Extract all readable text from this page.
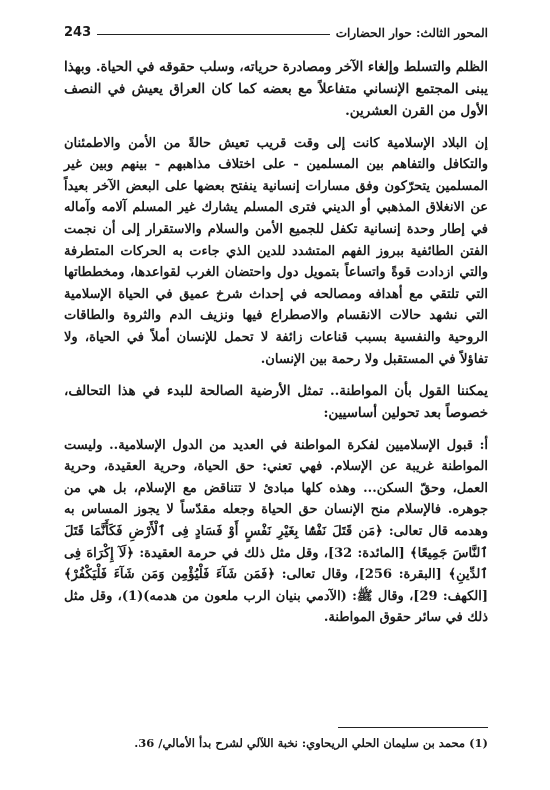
المحور الثالث: حوار الحضارات
243

الظلم والتسلط وإلغاء الآخر ومصادرة حرياته، وسلب حقوقه في الحياة. وبهذا يبنى المجتمع الإنساني متفاعلاً مع بعضه كما كان العراق يعيش في النصف الأول من القرن العشرين.

إن البلاد الإسلامية كانت إلى وقت قريب تعيش حالةً من الأمن والاطمئنان والتكافل والتفاهم بين المسلمين - على اختلاف مذاهبهم - بينهم وبين غير المسلمين يتحرّكون وفق مسارات إنسانية ينفتح بعضها على البعض الآخر بعيداً عن الانغلاق المذهبي أو الديني فترى المسلم يشارك غير المسلم آلامه وآماله في إطار وحدة إنسانية تكفل للجميع الأمن والسلام والاستقرار إلى أن نجمت الفتن الطائفية ببروز الفهم المتشدد للدين الذي جاءت به الحركات المتطرفة والتي ازدادت قوةً واتساعاً بتمويل دول واحتضان الغرب لقواعدها، ومخططاتها التي تلتقي مع أهدافه ومصالحه في إحداث شرخ عميق في الحياة الإسلامية التي نشهد حالات الانقسام والاصطراع فيها ونزيف الدم والثروة والطاقات الروحية والنفسية بسبب قناعات زائفة لا تحمل للإنسان أملاً في الحياة، ولا تفاؤلاً في المستقبل ولا رحمة بين الإنسان.

يمكننا القول بأن المواطنة.. تمثل الأرضية الصالحة للبدء في هذا التحالف، خصوصاً بعد تحولين أساسيين:

أ: قبول الإسلاميين لفكرة المواطنة في العديد من الدول الإسلامية.. وليست المواطنة غريبة عن الإسلام. فهي تعني: حق الحياة، وحرية العقيدة، وحرية العمل، وحقّ السكن... وهذه كلها مبادئ لا تتناقض مع الإسلام، بل هي من جوهره. فالإسلام منح الإنسان حق الحياة وجعله مقدّساً لا يجوز المساس به وهدمه قال تعالى: ﴿مَن قَتَلَ نَفْسًۢا بِغَيْرِ نَفْسٍ أَوْ فَسَادٍ فِى ٱلْأَرْضِ فَكَأَنَّمَا قَتَلَ ٱلنَّاسَ جَمِيعًا﴾ [المائدة: 32]، وقل مثل ذلك في حرمة العقيدة: ﴿لَآ إِكْرَاهَ فِى ٱلدِّينِ﴾ [البقرة: 256]، وقال تعالى: ﴿فَمَن شَآءَ فَلْيُؤْمِن وَمَن شَآءَ فَلْيَكْفُرْ﴾ [الكهف: 29]، وقال ﷺ: (الآدمي بنيان الرب ملعون من هدمه)(1)، وقل مثل ذلك في سائر حقوق المواطنة.

(1) محمد بن سليمان الحلي الريحاوي: نخبة اللآلي لشرح بدأ الأمالي/ 36.
